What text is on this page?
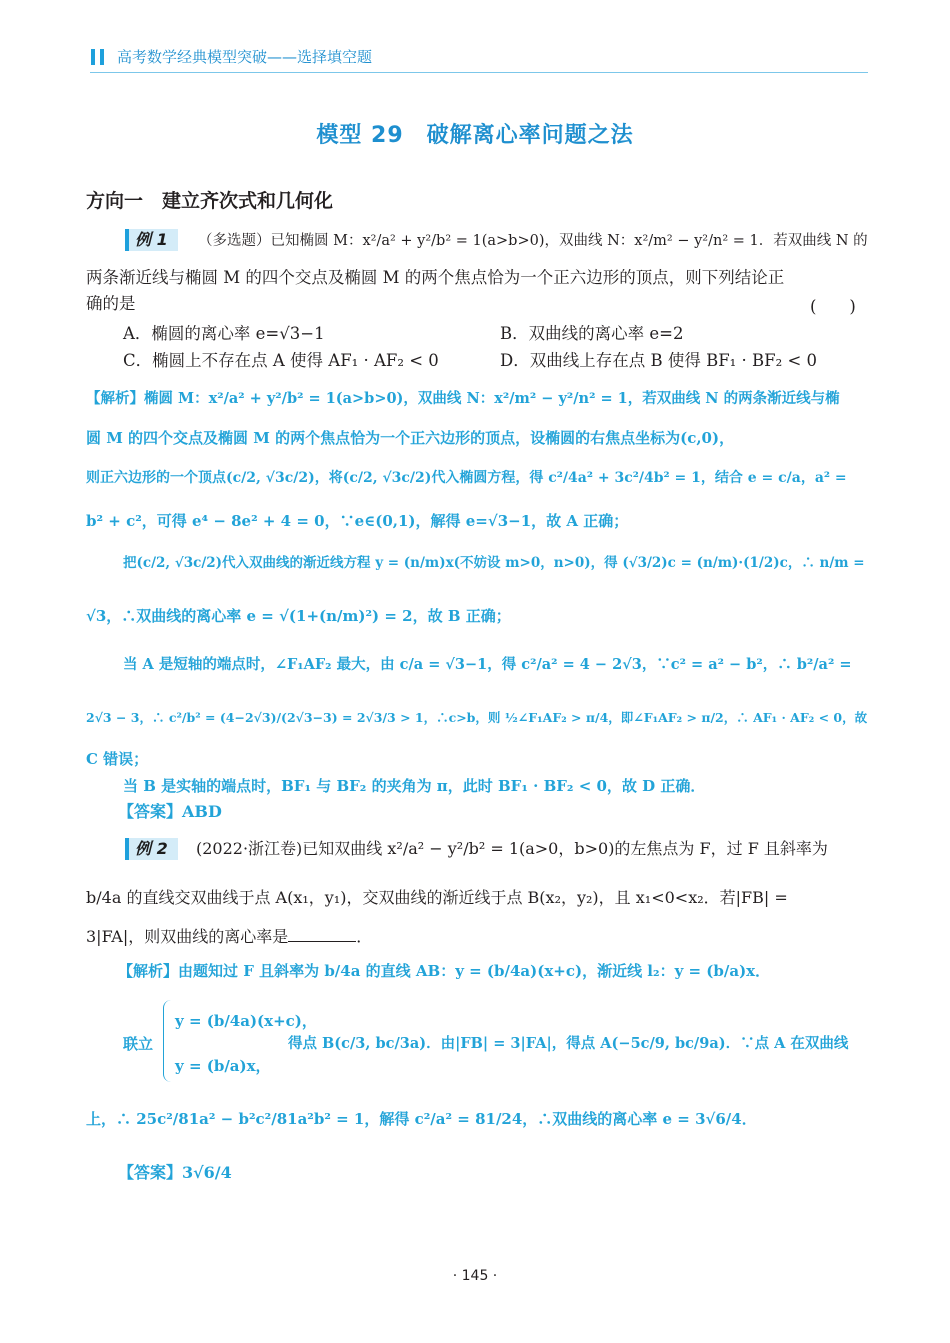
高考数学经典模型突破——选择填空题
模型 29　破解离心率问题之法
方向一　建立齐次式和几何化
例 1	（多选题）已知椭圆 M：x²/a² + y²/b² = 1(a>b>0)，双曲线 N：x²/m² − y²/n² = 1．若双曲线 N 的
两条渐近线与椭圆 M 的四个交点及椭圆 M 的两个焦点恰为一个正六边形的顶点，则下列结论正
确的是	(　　)
A．椭圆的离心率 e=√3−1	B．双曲线的离心率 e=2
C．椭圆上不存在点 A 使得 AF₁ · AF₂ < 0	D．双曲线上存在点 B 使得 BF₁ · BF₂ < 0
【解析】椭圆 M：x²/a² + y²/b² = 1(a>b>0)，双曲线 N：x²/m² − y²/n² = 1，若双曲线 N 的两条渐近线与椭
圆 M 的四个交点及椭圆 M 的两个焦点恰为一个正六边形的顶点，设椭圆的右焦点坐标为(c,0)，
则正六边形的一个顶点(c/2, √3c/2)，将(c/2, √3c/2)代入椭圆方程，得 c²/4a² + 3c²/4b² = 1，结合 e = c/a，a² =
b² + c²，可得 e⁴ − 8e² + 4 = 0，∵e∈(0,1)，解得 e=√3−1，故 A 正确；
把(c/2, √3c/2)代入双曲线的渐近线方程 y = (n/m)x(不妨设 m>0，n>0)，得 (√3/2)c = (n/m)·(1/2)c，∴ n/m =
√3，∴双曲线的离心率 e = √(1+(n/m)²) = 2，故 B 正确；
当 A 是短轴的端点时，∠F₁AF₂ 最大，由 c/a = √3−1，得 c²/a² = 4 − 2√3，∵c² = a² − b²，∴ b²/a² =
2√3 − 3，∴ c²/b² = (4−2√3)/(2√3−3) = 2√3/3 > 1，∴c>b，则 ½∠F₁AF₂ > π/4，即∠F₁AF₂ > π/2，∴ AF₁ · AF₂ < 0，故
C 错误；
当 B 是实轴的端点时，BF₁ 与 BF₂ 的夹角为 π，此时 BF₁ · BF₂ < 0，故 D 正确．
【答案】ABD
例 2	(2022·浙江卷)已知双曲线 x²/a² − y²/b² = 1(a>0，b>0)的左焦点为 F，过 F 且斜率为
b/4a 的直线交双曲线于点 A(x₁，y₁)，交双曲线的渐近线于点 B(x₂，y₂)，且 x₁<0<x₂．若|FB| =
3|FA|，则双曲线的离心率是	．
【解析】由题知过 F 且斜率为 b/4a 的直线 AB：y = (b/4a)(x+c)，渐近线 l₂：y = (b/a)x．
联立
y = (b/4a)(x+c)，
y = (b/a)x，
得点 B(c/3, bc/3a)．由|FB| = 3|FA|，得点 A(−5c/9, bc/9a)．∵点 A 在双曲线
上，∴ 25c²/81a² − b²c²/81a²b² = 1，解得 c²/a² = 81/24，∴双曲线的离心率 e = 3√6/4．
【答案】3√6/4
· 145 ·
